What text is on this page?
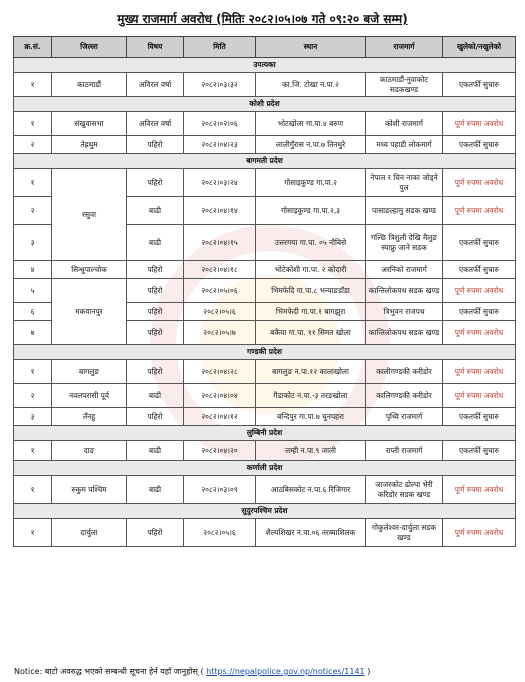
मुख्य राजमार्ग अवरोध (मितिः २०८२।०५।०७ गते ०९:२० बजे सम्म)
क्र.सं.	जिल्ला	विषय	मिति	स्थान	राजमार्ग	खुलेको/नखुलेको
उपत्यका						
१	काठमाडौं	अविरल वर्षा	२०८२।०३।३२	का.जि. टोखा न.पा.२	काठमाडौं-नुवाकोट सडकखण्ड	एकतर्फी सुचारु
कोशी प्रदेश						
१	संखुवासभा	अविरल वर्षा	२०८२।०२।०६	भोटखोला गा.पा.४ बरुण	कोशी राजमार्ग	पूर्ण रुपमा अवरोध
२	तेह्रथुम	पहिरो	२०८२।०४।२३	लालीगुँरास न.पा.७ तिनधुरे	मध्य पहाडी लोकमार्ग	एकतर्फी सुचारु
बागमती प्रदेश						
१	रसुवा	पहिरो	२०८२।०३।२४	गोसाइकुण्ड गा.पा.२	नेपाल र चिन नाका जोड्ने पुल	पूर्ण रुपमा अवरोध
२		बाढी	२०८२।०४।१४	गोसाइकुण्ड गा.पा.२,३	पासाङल्हामु सडक खण्ड	पूर्ण रुपमा अवरोध
३		बाढी	२०८२।०४।१५	उत्तरगया गा.पा. ०५ नौबिसे	गल्छि त्रिशुली देखि मैलुङ स्याफ्रु जाने सडक	एकतर्फी सुचारु
४	सिन्धुपाल्चोक	पहिरो	२०८२।०४।१८	भोटेकोशी गा.पा. २ कोदारी	अरनिको राजमार्ग	एकतर्फी सुचारु
५	मकवानपुर	पहिरो	२०८२।०५।०६	भिमफेदि गा.पा.८ भन्याङडाँडा	कान्तिलोकपथ सडक खण्ड	पूर्ण रुपमा अवरोध
६		पहिरो	२०८२।०५।६	भिमफेदी गा.पा.१ बागझुरा	त्रिभुवन राजपथ	एकतर्फी सुचारु
७		पहिरो	२०८२।०५।७	बकैया गा.पा. ११ सिमत खोला	कान्तिलोकपथ सडक खण्ड	पूर्ण रुपमा अवरोध
गण्डकी प्रदेश						
१	बागलुङ	पहिरो	२०८२।०४।२८	बागलुङ न.पा.१२ कालाखोला	कालीगण्डकी करीडोर	पूर्ण रुपमा अवरोध
२	नवलपरासी पूर्व	बाढी	२०८२।०४।०४	गैडाकोट न.पा.-३ तरङखोला	कालिगण्डकी करीडोर	पूर्ण रुपमा अवरोध
३	तँनहु	पहिरो	२०८२।०४।१२	बन्दिपुर गा.पा.७ चुनपहरा	पृथ्वि राजमार्ग	एकतर्फी सुचारु
लुम्बिनी प्रदेश						
१	दाङ	बाढी	२०८२।०४।२०	लम्ही न.पा.९ जाली	राप्ती राजमार्ग	एकतर्फी सुचारु
कर्णाली प्रदेश						
१	रुकुम पश्चिम	बाढी	२०८२।०३।०९	आठबिसकोट न.पा.६ रिजिगार	जाजरकोट ढोल्पा भेरी करिडोर सडक खण्ड	पूर्ण रुपमा अवरोध
सुदुरपश्चिम प्रदेश						
१	दार्चुला	पहिरो	२०८२।०५।६	शैल्यशिखर न.पा.०६ तरब्याशिलक	गोकुलेश्वर-दार्चुला सडक खण्ड	पूर्ण रुपमा अवरोध
Notice: बाटो अवरुद्ध भएको सम्बन्धी सूचना हेर्न यहाँ जानुहोस् ( https://nepalpolice.gov.np/notices/1141 )
